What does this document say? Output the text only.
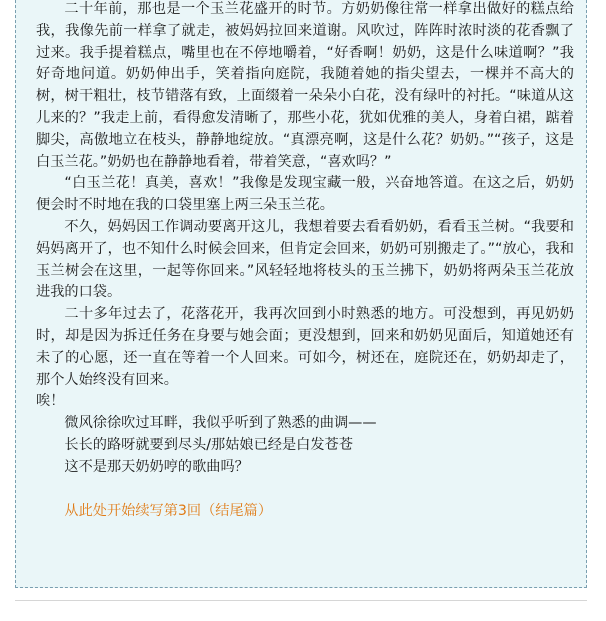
二十年前，那也是一个玉兰花盛开的时节。方奶奶像往常一样拿出做好的糕点给我，我像先前一样拿了就走，被妈妈拉回来道谢。风吹过，阵阵时浓时淡的花香飘了过来。我手提着糕点，嘴里也在不停地嚼着，“好香啊！奶奶，这是什么味道啊？”我好奇地问道。奶奶伸出手，笑着指向庭院，我随着她的指尖望去，一棵并不高大的树，树干粗壮，枝节错落有致，上面缀着一朵朵小白花，没有绿叶的衬托。“味道从这儿来的？”我走上前，看得愈发清晰了，那些小花，犹如优雅的美人，身着白裙，踮着脚尖，高傲地立在枝头，静静地绽放。“真漂亮啊，这是什么花？奶奶。”“孩子，这是白玉兰花。”奶奶也在静静地看着，带着笑意，“喜欢吗？”

“白玉兰花！真美，喜欢！”我像是发现宝藏一般，兴奋地答道。在这之后，奶奶便会时不时地在我的口袋里塞上两三朵玉兰花。

不久，妈妈因工作调动要离开这儿，我想着要去看看奶奶，看看玉兰树。“我要和妈妈离开了，也不知什么时候会回来，但肯定会回来，奶奶可别搬走了。”“放心，我和玉兰树会在这里，一起等你回来。”风轻轻地将枝头的玉兰拂下，奶奶将两朵玉兰花放进我的口袋。

二十多年过去了，花落花开，我再次回到小时熟悉的地方。可没想到，再见奶奶时，却是因为拆迁任务在身要与她会面；更没想到，回来和奶奶见面后，知道她还有未了的心愿，还一直在等着一个人回来。可如今，树还在，庭院还在，奶奶却走了，那个人始终没有回来。

唉！

微风徐徐吹过耳畔，我似乎听到了熟悉的曲调——

长长的路呀就要到尽头/那姑娘已经是白发苍苍

这不是那天奶奶哼的歌曲吗？

从此处开始续写第3回（结尾篇）
